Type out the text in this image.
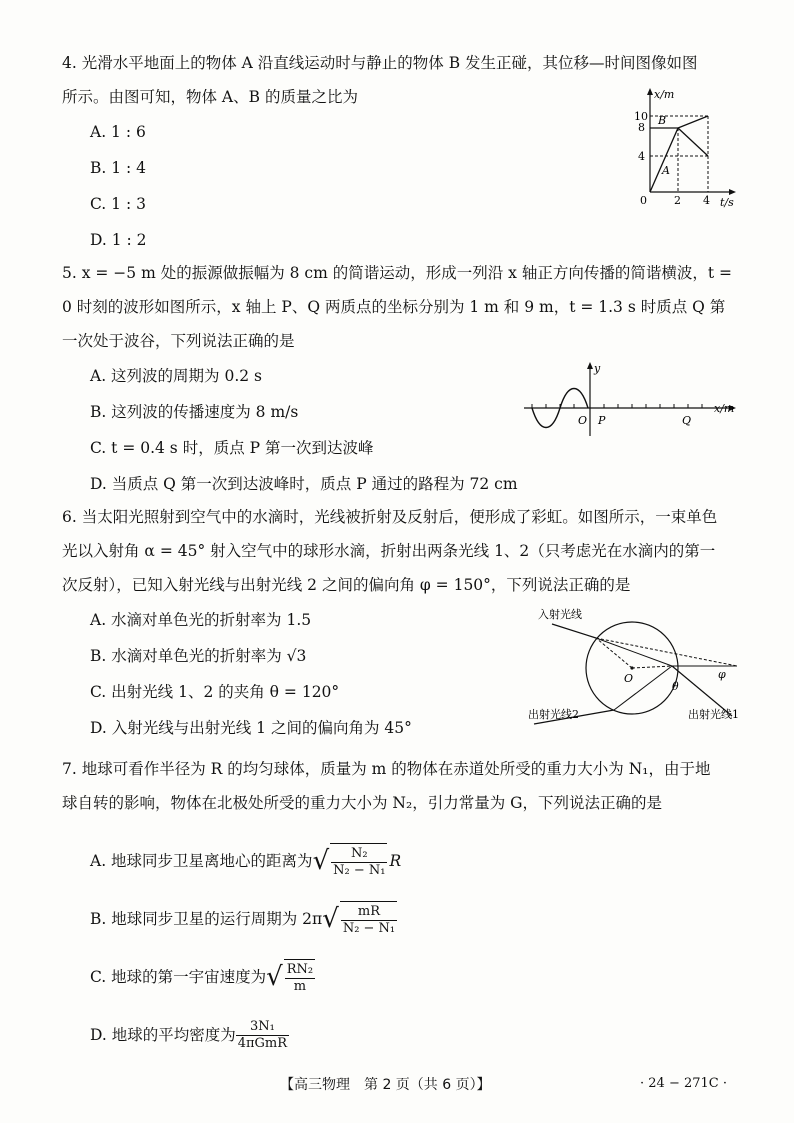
4. 光滑水平地面上的物体 A 沿直线运动时与静止的物体 B 发生正碰，其位移—时间图像如图
所示。由图可知，物体 A、B 的质量之比为
A. 1 : 6
B. 1 : 4
C. 1 : 3
D. 1 : 2
x/m
t/s
10
8
4
0 2 4
A
B
5. x = −5 m 处的振源做振幅为 8 cm 的简谐运动，形成一列沿 x 轴正方向传播的简谐横波，t =
0 时刻的波形如图所示，x 轴上 P、Q 两质点的坐标分别为 1 m 和 9 m，t = 1.3 s 时质点 Q 第
一次处于波谷，下列说法正确的是
A. 这列波的周期为 0.2 s
B. 这列波的传播速度为 8 m/s
C. t = 0.4 s 时，质点 P 第一次到达波峰
D. 当质点 Q 第一次到达波峰时，质点 P 通过的路程为 72 cm
y
x/m
O P	Q
6. 当太阳光照射到空气中的水滴时，光线被折射及反射后，便形成了彩虹。如图所示，一束单色
光以入射角 α = 45° 射入空气中的球形水滴，折射出两条光线 1、2（只考虑光在水滴内的第一
次反射），已知入射光线与出射光线 2 之间的偏向角 φ = 150°，下列说法正确的是
A. 水滴对单色光的折射率为 1.5
B. 水滴对单色光的折射率为 √3
C. 出射光线 1、2 的夹角 θ = 120°
D. 入射光线与出射光线 1 之间的偏向角为 45°
入射光线
O
θ
φ
出射光线2	出射光线1
7. 地球可看作半径为 R 的均匀球体，质量为 m 的物体在赤道处所受的重力大小为 N₁，由于地
球自转的影响，物体在北极处所受的重力大小为 N₂，引力常量为 G，下列说法正确的是
A. 地球同步卫星离地心的距离为 √ $\frac{\text{N₂}}{\text{N₂ − N₁}}$ R
B. 地球同步卫星的运行周期为 2π √ $\frac{mR}{\text{N₂ − N₁}}$
C. 地球的第一宇宙速度为 √ $\frac{\text{RN₂}}{m}$
D. 地球的平均密度为 $\frac{\text{3N₁}}{\text{4πGmR}}$
【高三物理　第 2 页（共 6 页）】	· 24 − 271C ·
